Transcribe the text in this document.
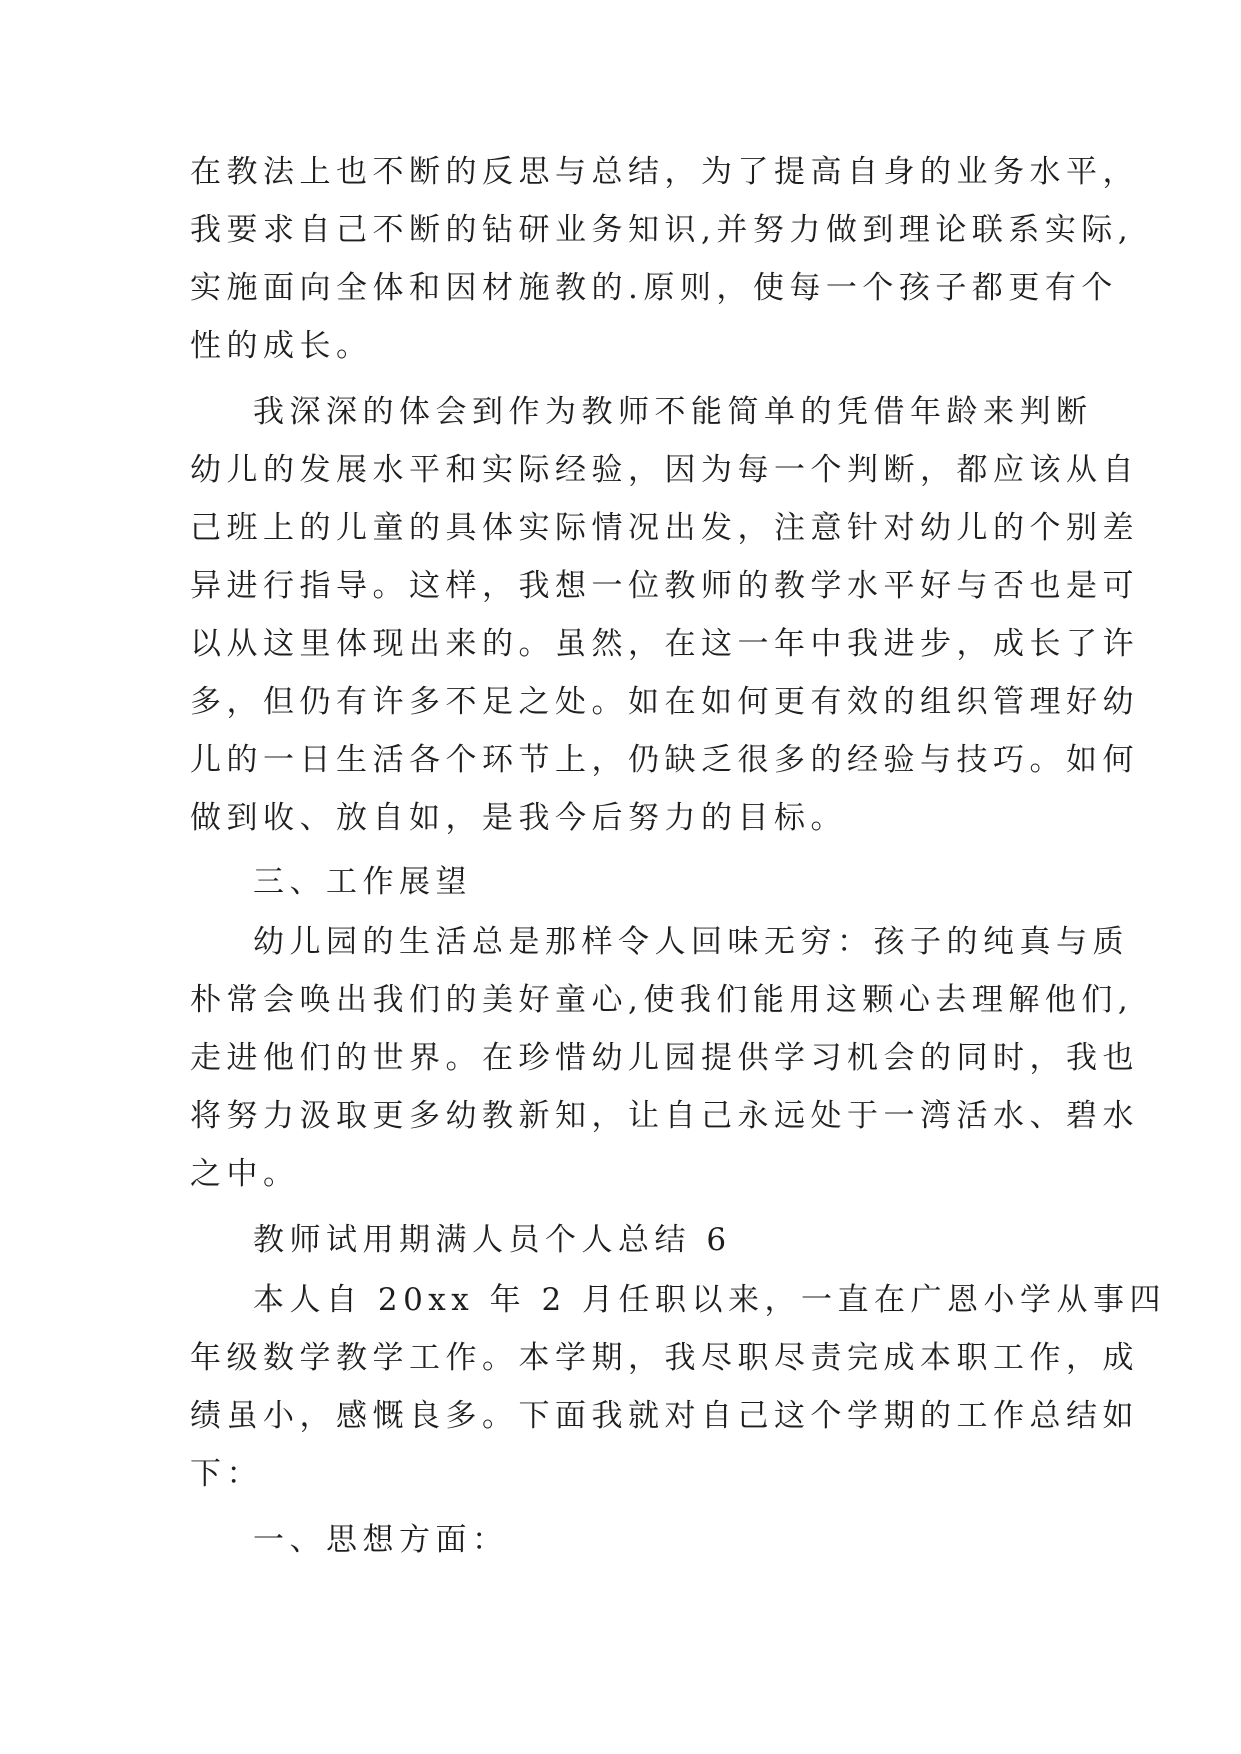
在教法上也不断的反思与总结，为了提高自身的业务水平，
我要求自己不断的钻研业务知识,并努力做到理论联系实际,
实施面向全体和因材施教的.原则，使每一个孩子都更有个
性的成长。
我深深的体会到作为教师不能简单的凭借年龄来判断
幼儿的发展水平和实际经验，因为每一个判断，都应该从自
己班上的儿童的具体实际情况出发，注意针对幼儿的个别差
异进行指导。这样，我想一位教师的教学水平好与否也是可
以从这里体现出来的。虽然，在这一年中我进步，成长了许
多，但仍有许多不足之处。如在如何更有效的组织管理好幼
儿的一日生活各个环节上，仍缺乏很多的经验与技巧。如何
做到收、放自如，是我今后努力的目标。
三、工作展望
幼儿园的生活总是那样令人回味无穷：孩子的纯真与质
朴常会唤出我们的美好童心,使我们能用这颗心去理解他们,
走进他们的世界。在珍惜幼儿园提供学习机会的同时，我也
将努力汲取更多幼教新知，让自己永远处于一湾活水、碧水
之中。
教师试用期满人员个人总结 6
本人自 20xx 年 2 月任职以来，一直在广恩小学从事四
年级数学教学工作。本学期，我尽职尽责完成本职工作，成
绩虽小，感慨良多。下面我就对自己这个学期的工作总结如
下：
一、思想方面：
